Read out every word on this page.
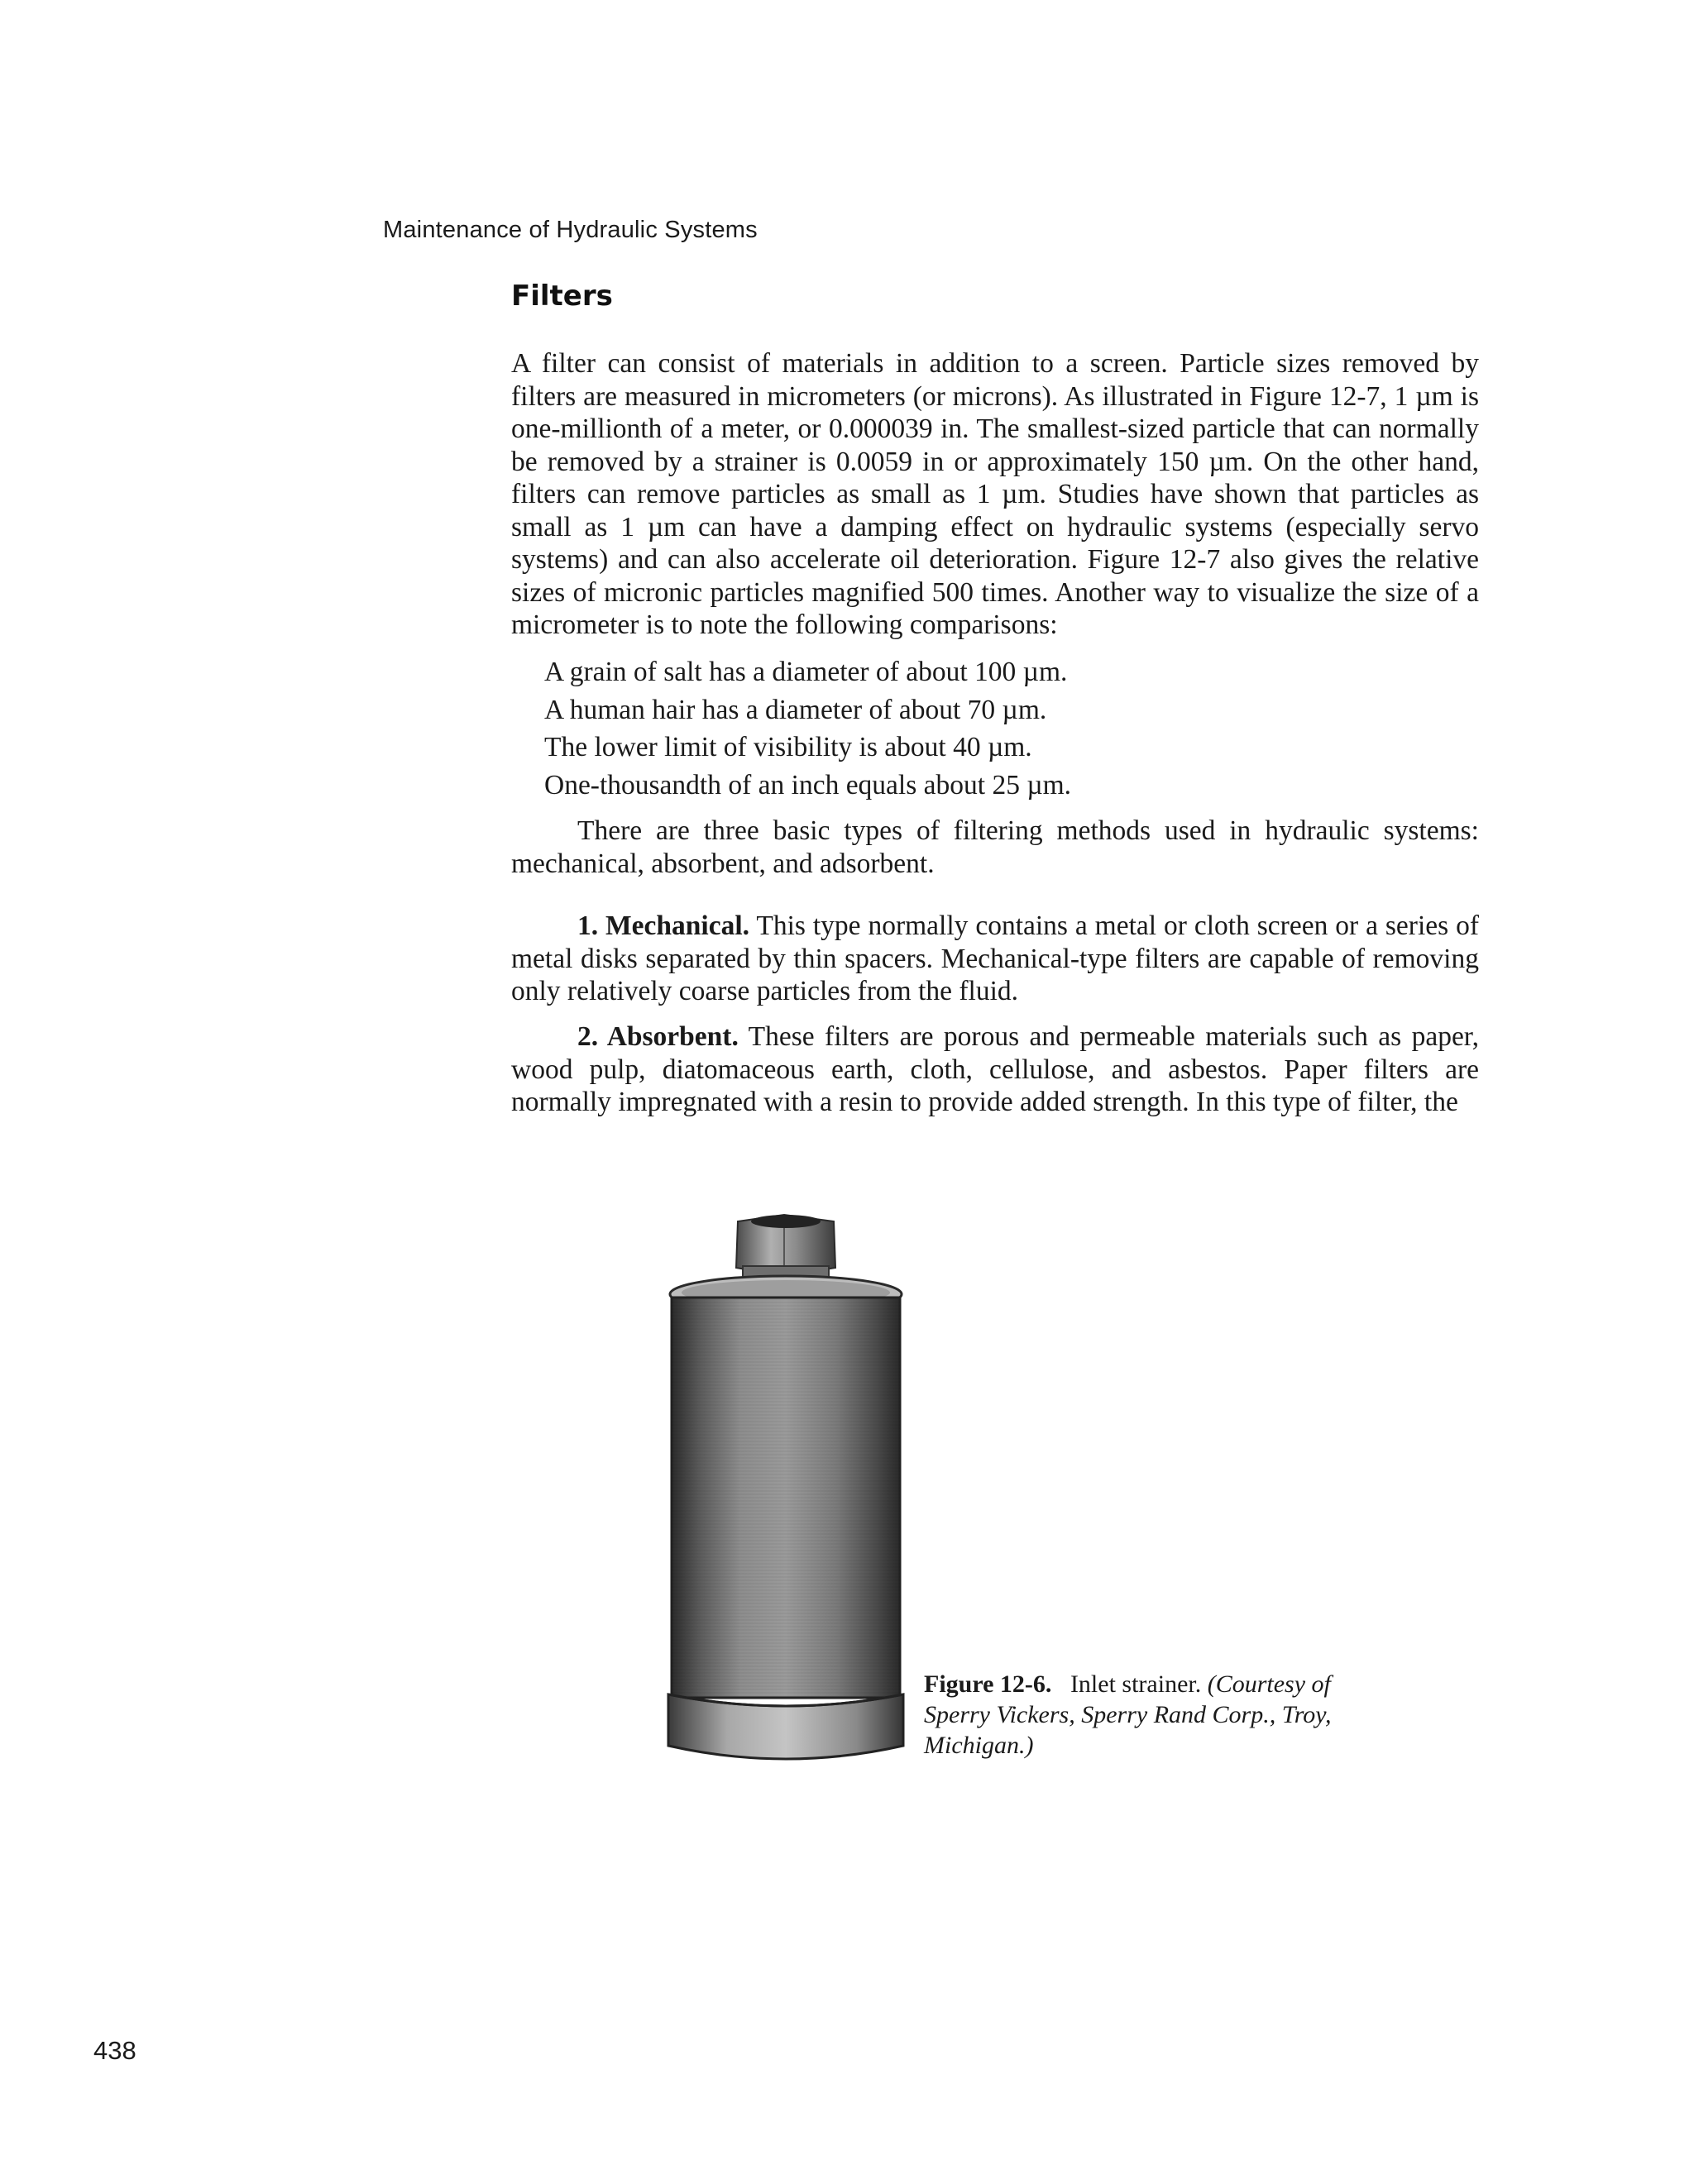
Maintenance of Hydraulic Systems
Filters

A filter can consist of materials in addition to a screen. Particle sizes removed by filters are measured in micrometers (or microns). As illustrated in Figure 12-7, 1 µm is one-millionth of a meter, or 0.000039 in. The smallest-sized particle that can normally be removed by a strainer is 0.0059 in or approximately 150 µm. On the other hand, filters can remove particles as small as 1 µm. Studies have shown that particles as small as 1 µm can have a damping effect on hydraulic systems (especially servo systems) and can also accelerate oil deterioration. Figure 12-7 also gives the relative sizes of micronic particles magnified 500 times. Another way to visualize the size of a micrometer is to note the following comparisons:

A grain of salt has a diameter of about 100 µm.
A human hair has a diameter of about 70 µm.
The lower limit of visibility is about 40 µm.
One-thousandth of an inch equals about 25 µm.

There are three basic types of filtering methods used in hydraulic systems: mechanical, absorbent, and adsorbent.

1. Mechanical. This type normally contains a metal or cloth screen or a series of metal disks separated by thin spacers. Mechanical-type filters are capable of removing only relatively coarse particles from the fluid.

2. Absorbent. These filters are porous and permeable materials such as paper, wood pulp, diatomaceous earth, cloth, cellulose, and asbestos. Paper filters are normally impregnated with a resin to provide added strength. In this type of filter, the

Figure 12-6. Inlet strainer. (Courtesy of Sperry Vickers, Sperry Rand Corp., Troy, Michigan.)
438
